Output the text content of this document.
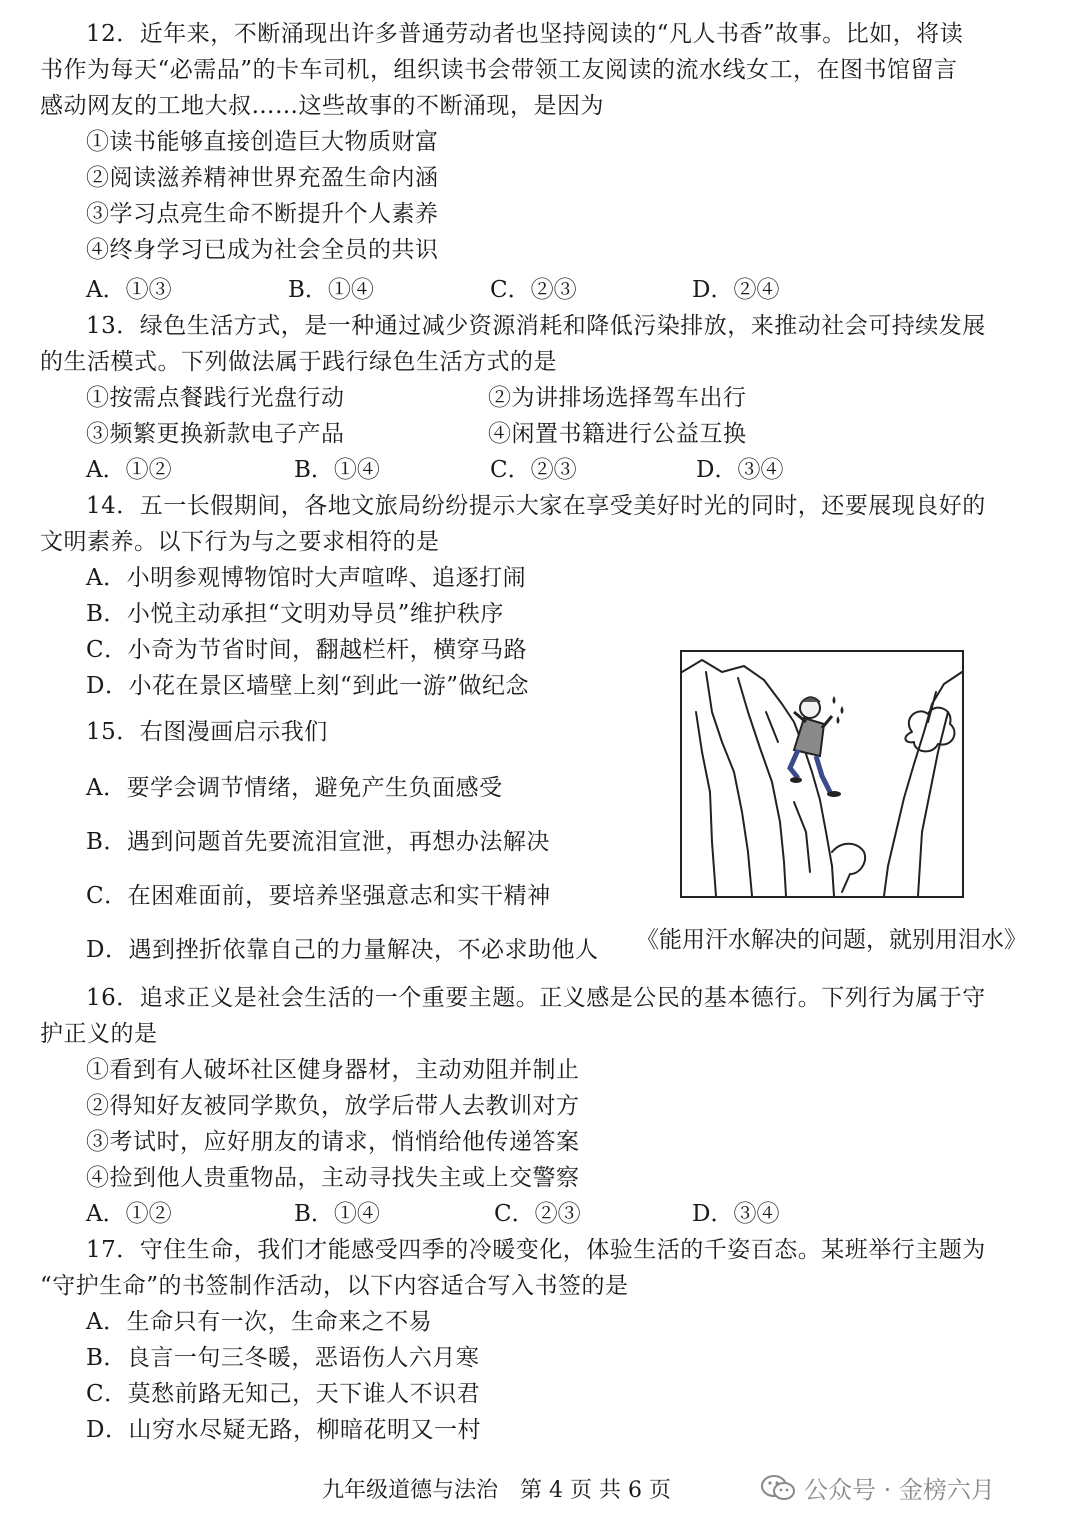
12．近年来，不断涌现出许多普通劳动者也坚持阅读的“凡人书香”故事。比如，将读
书作为每天“必需品”的卡车司机，组织读书会带领工友阅读的流水线女工，在图书馆留言
感动网友的工地大叔……这些故事的不断涌现，是因为
①读书能够直接创造巨大物质财富
②阅读滋养精神世界充盈生命内涵
③学习点亮生命不断提升个人素养
④终身学习已成为社会全员的共识
A．①③	B．①④	C．②③	D．②④
13．绿色生活方式，是一种通过减少资源消耗和降低污染排放，来推动社会可持续发展
的生活模式。下列做法属于践行绿色生活方式的是
①按需点餐践行光盘行动	②为讲排场选择驾车出行
③频繁更换新款电子产品	④闲置书籍进行公益互换
A．①②	B．①④	C．②③	D．③④
14．五一长假期间，各地文旅局纷纷提示大家在享受美好时光的同时，还要展现良好的
文明素养。以下行为与之要求相符的是
A．小明参观博物馆时大声喧哗、追逐打闹
B．小悦主动承担“文明劝导员”维护秩序
C．小奇为节省时间，翻越栏杆，横穿马路
D．小花在景区墙壁上刻“到此一游”做纪念
15．右图漫画启示我们
A．要学会调节情绪，避免产生负面感受
B．遇到问题首先要流泪宣泄，再想办法解决
C．在困难面前，要培养坚强意志和实干精神
D．遇到挫折依靠自己的力量解决，不必求助他人 《能用汗水解决的问题，就别用泪水》
16．追求正义是社会生活的一个重要主题。正义感是公民的基本德行。下列行为属于守
护正义的是
①看到有人破坏社区健身器材，主动劝阻并制止
②得知好友被同学欺负，放学后带人去教训对方
③考试时，应好朋友的请求，悄悄给他传递答案
④捡到他人贵重物品，主动寻找失主或上交警察
A．①②	B．①④	C．②③	D．③④
17．守住生命，我们才能感受四季的冷暖变化，体验生活的千姿百态。某班举行主题为
“守护生命”的书签制作活动，以下内容适合写入书签的是
A．生命只有一次，生命来之不易
B．良言一句三冬暖，恶语伤人六月寒
C．莫愁前路无知己，天下谁人不识君
D．山穷水尽疑无路，柳暗花明又一村
九年级道德与法治　第 4 页 共 6 页	公众号 · 金榜六月
